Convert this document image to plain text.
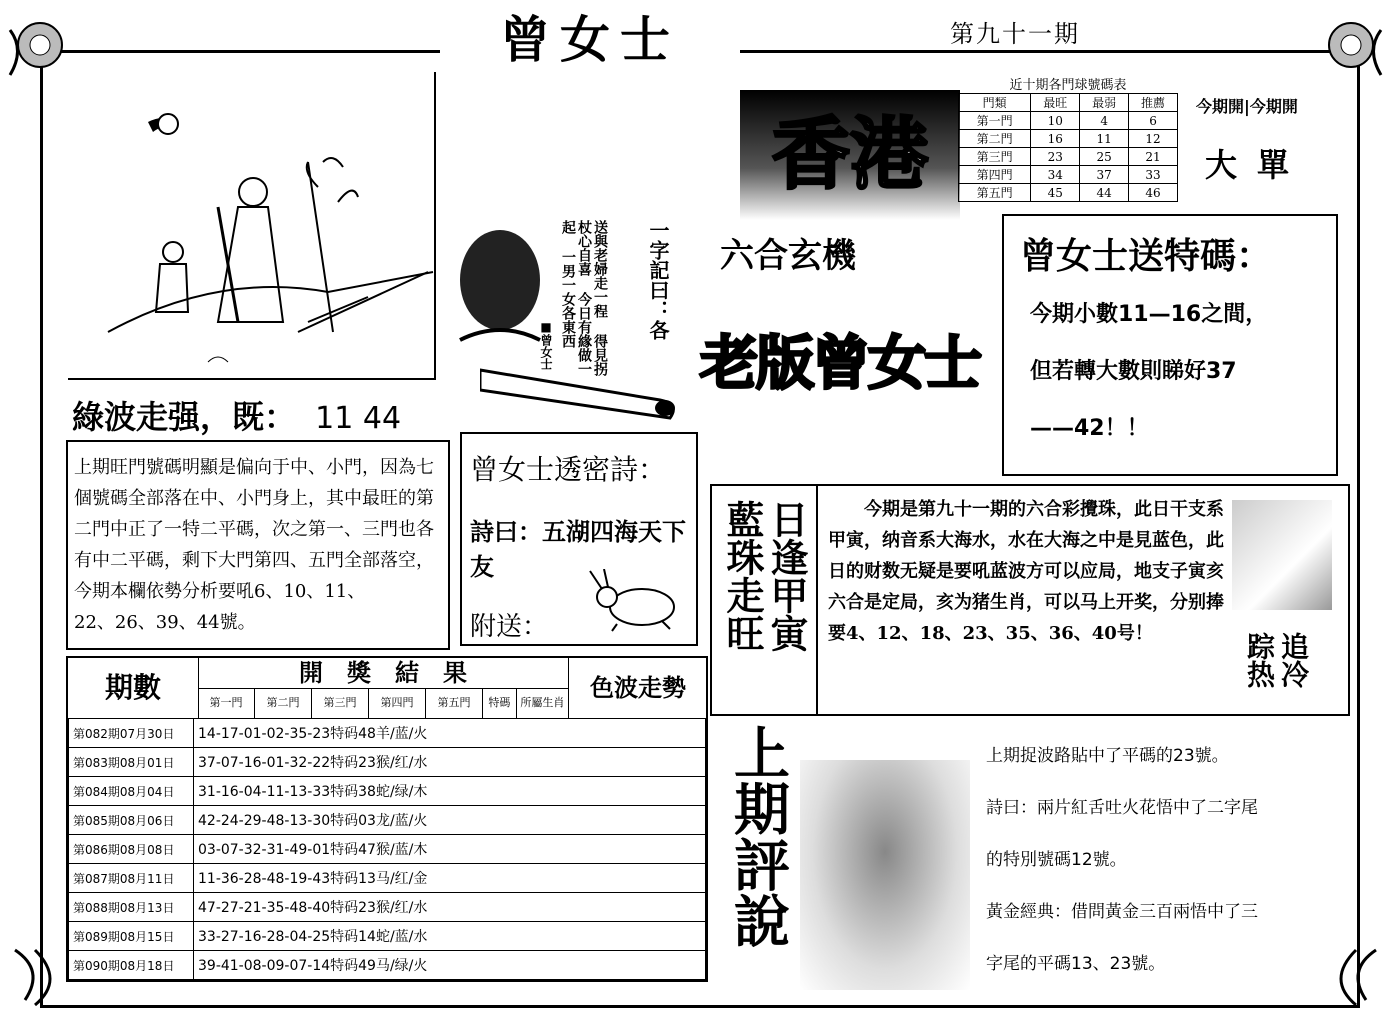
曾女士	第九十一期
綠波走强，既： 11 44
上期旺門號碼明顯是偏向于中、小門，因為七個號碼全部落在中、小門身上，其中最旺的第二門中正了一特二平碼，次之第一、三門也各有中二平碼，剩下大門第四、五門全部落空，今期本欄依勢分析要吼6、10、11、
22、26、39、44號。
送與老婦走一程 得見拐杖心自喜 今日有緣做一起 一男一女各東西	一字記曰：各
■曾女士
香港
六合玄機
老版曾女士
近十期各門球號碼表
門類	最旺	最弱	推薦
第一門	10	4	6
第二門	16	11	12
第三門	23	25	21
第四門	34	37	33
第五門	45	44	46
今期開|今期開
大單
曾女士送特碼：
今期小數11—16之間，
但若轉大數則睇好37
——42！！
曾女士透密詩：
詩曰：五湖四海天下友
附送：	藍珠走旺 日逢甲寅	今期是第九十一期的六合彩攪珠，此日干支系甲寅，纳音系大海水，水在大海之中是見蓝色，此日的财数无疑是要吼蓝波方可以应局，地支子寅亥六合是定局，亥为猪生肖，可以马上开奖，分别捧要4、12、18、23、35、36、40号！	追冷踪热
上期評說	上期捉波路貼中了平碼的23號。
詩曰：兩片紅舌吐火花悟中了二字尾
的特別號碼12號。
黃金經典：借問黃金三百兩悟中了三
字尾的平碼13、23號。
期數	開　獎　結　果
第一門	第二門	第三門	第四門	第五門	特碼 所屬生肖
色波走勢
第082期07月30日	14-17-01-02-35-23特码48羊/蓝/火
第083期08月01日	37-07-16-01-32-22特码23猴/红/水
第084期08月04日	31-16-04-11-13-33特码38蛇/绿/木
第085期08月06日	42-24-29-48-13-30特码03龙/蓝/火
第086期08月08日	03-07-32-31-49-01特码47猴/蓝/木
第087期08月11日	11-36-28-48-19-43特码13马/红/金
第088期08月13日	47-27-21-35-48-40特码23猴/红/水
第089期08月15日	33-27-16-28-04-25特码14蛇/蓝/水
第090期08月18日	39-41-08-09-07-14特码49马/绿/火
